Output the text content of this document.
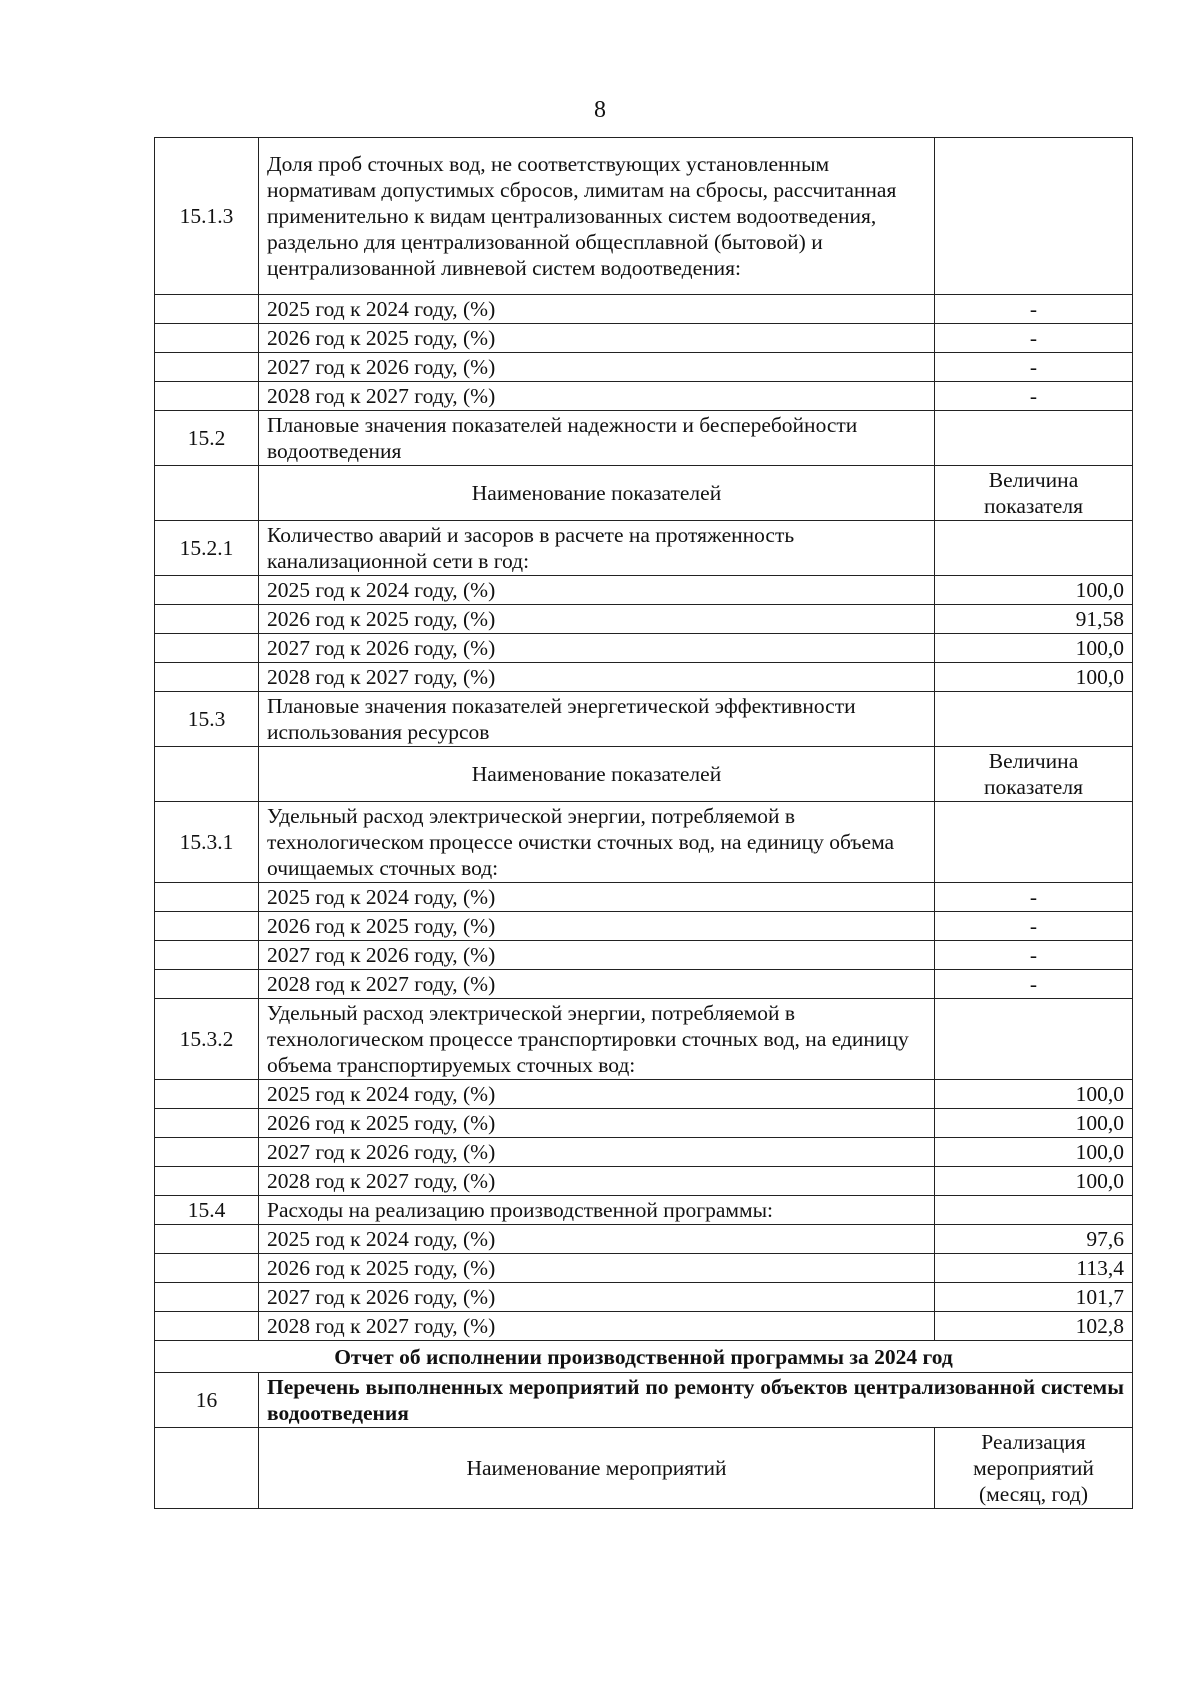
8
15.1.3	Доля проб сточных вод, не соответствующих установленным нормативам допустимых сбросов, лимитам на сбросы, рассчитанная применительно к видам централизованных систем водоотведения, раздельно для централизованной общесплавной (бытовой) и централизованной ливневой систем водоотведения:	
	2025 год к 2024 году, (%)	-
	2026 год к 2025 году, (%)	-
	2027 год к 2026 году, (%)	-
	2028 год к 2027 году, (%)	-
15.2	Плановые значения показателей надежности и бесперебойности водоотведения	
	Наименование показателей	Величина показателя
15.2.1	Количество аварий и засоров в расчете на протяженность канализационной сети в год:	
	2025 год к 2024 году, (%)	100,0
	2026 год к 2025 году, (%)	91,58
	2027 год к 2026 году, (%)	100,0
	2028 год к 2027 году, (%)	100,0
15.3	Плановые значения показателей энергетической эффективности использования ресурсов	
	Наименование показателей	Величина показателя
15.3.1	Удельный расход электрической энергии, потребляемой в технологическом процессе очистки сточных вод, на единицу объема очищаемых сточных вод:	
	2025 год к 2024 году, (%)	-
	2026 год к 2025 году, (%)	-
	2027 год к 2026 году, (%)	-
	2028 год к 2027 году, (%)	-
15.3.2	Удельный расход электрической энергии, потребляемой в технологическом процессе транспортировки сточных вод, на единицу объема транспортируемых сточных вод:	
	2025 год к 2024 году, (%)	100,0
	2026 год к 2025 году, (%)	100,0
	2027 год к 2026 году, (%)	100,0
	2028 год к 2027 году, (%)	100,0
15.4	Расходы на реализацию производственной программы:	
	2025 год к 2024 году, (%)	97,6
	2026 год к 2025 году, (%)	113,4
	2027 год к 2026 году, (%)	101,7
	2028 год к 2027 году, (%)	102,8
Отчет об исполнении производственной программы за 2024 год		
16	Перечень выполненных мероприятий по ремонту объектов централизованной системы водоотведения	
	Наименование мероприятий	Реализация мероприятий (месяц, год)
